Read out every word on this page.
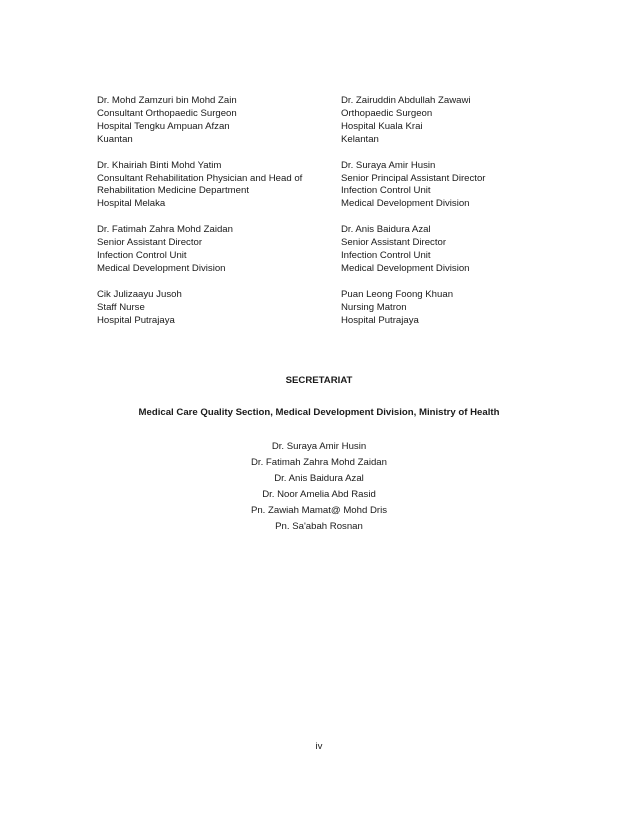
Dr. Mohd Zamzuri bin Mohd Zain
Consultant Orthopaedic Surgeon
Hospital Tengku Ampuan Afzan
Kuantan
Dr. Khairiah Binti Mohd Yatim
Consultant Rehabilitation Physician and Head of
Rehabilitation Medicine Department
Hospital Melaka
Dr. Fatimah Zahra Mohd Zaidan
Senior Assistant Director
Infection Control Unit
Medical Development Division
Cik Julizaayu Jusoh
Staff Nurse
Hospital Putrajaya
Dr. Zairuddin Abdullah Zawawi
Orthopaedic Surgeon
Hospital Kuala Krai
Kelantan
Dr. Suraya Amir Husin
Senior Principal Assistant Director
Infection Control Unit
Medical Development Division
Dr. Anis Baidura Azal
Senior Assistant Director
Infection Control Unit
Medical Development Division
Puan Leong Foong Khuan
Nursing Matron
Hospital Putrajaya
SECRETARIAT
Medical Care Quality Section, Medical Development Division, Ministry of Health
Dr. Suraya Amir Husin
Dr. Fatimah Zahra Mohd Zaidan
Dr. Anis Baidura Azal
Dr. Noor Amelia Abd Rasid
Pn. Zawiah Mamat@ Mohd Dris
Pn. Sa'abah Rosnan
iv
